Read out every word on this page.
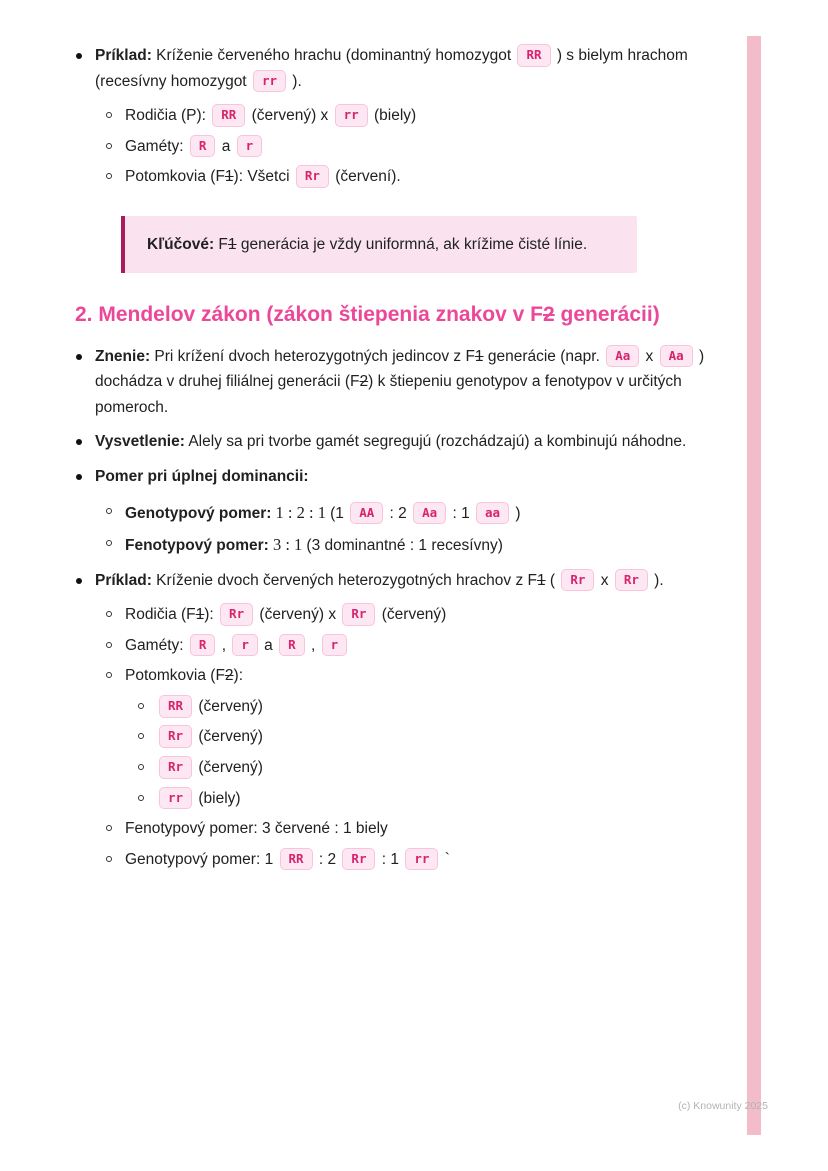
Príklad: Kríženie červeného hrachu (dominantný homozygot RR ) s bielym hrachom (recesívny homozygot rr ).
Rodičia (P): RR (červený) x rr (biely)
Gaméty: R a r
Potomkovia (F1): Všetci Rr (červení).
Kľúčové: F1 generácia je vždy uniformná, ak krížime čisté línie.
2. Mendelov zákon (zákon štiepenia znakov v F2 generácii)
Znenie: Pri krížení dvoch heterozygotných jedincov z F1 generácie (napr. Aa x Aa ) dochádza v druhej filiálnej generácii (F2) k štiepeniu genotypov a fenotypov v určitých pomeroch.
Vysvetlenie: Alely sa pri tvorbe gamét segregujú (rozchádzajú) a kombinujú náhodne.
Pomer pri úplnej dominancii:
Genotypový pomer: 1 : 2 : 1 (1 AA : 2 Aa : 1 aa )
Fenotypový pomer: 3 : 1 (3 dominantné : 1 recesívny)
Príklad: Kríženie dvoch červených heterozygotných hrachov z F1 ( Rr x Rr ).
Rodičia (F1): Rr (červený) x Rr (červený)
Gaméty: R , r a R , r
Potomkovia (F2):
RR (červený)
Rr (červený)
Rr (červený)
rr (biely)
Fenotypový pomer: 3 červené : 1 biely
Genotypový pomer: 1 RR : 2 Rr : 1 rr `
(c) Knowunity 2025
